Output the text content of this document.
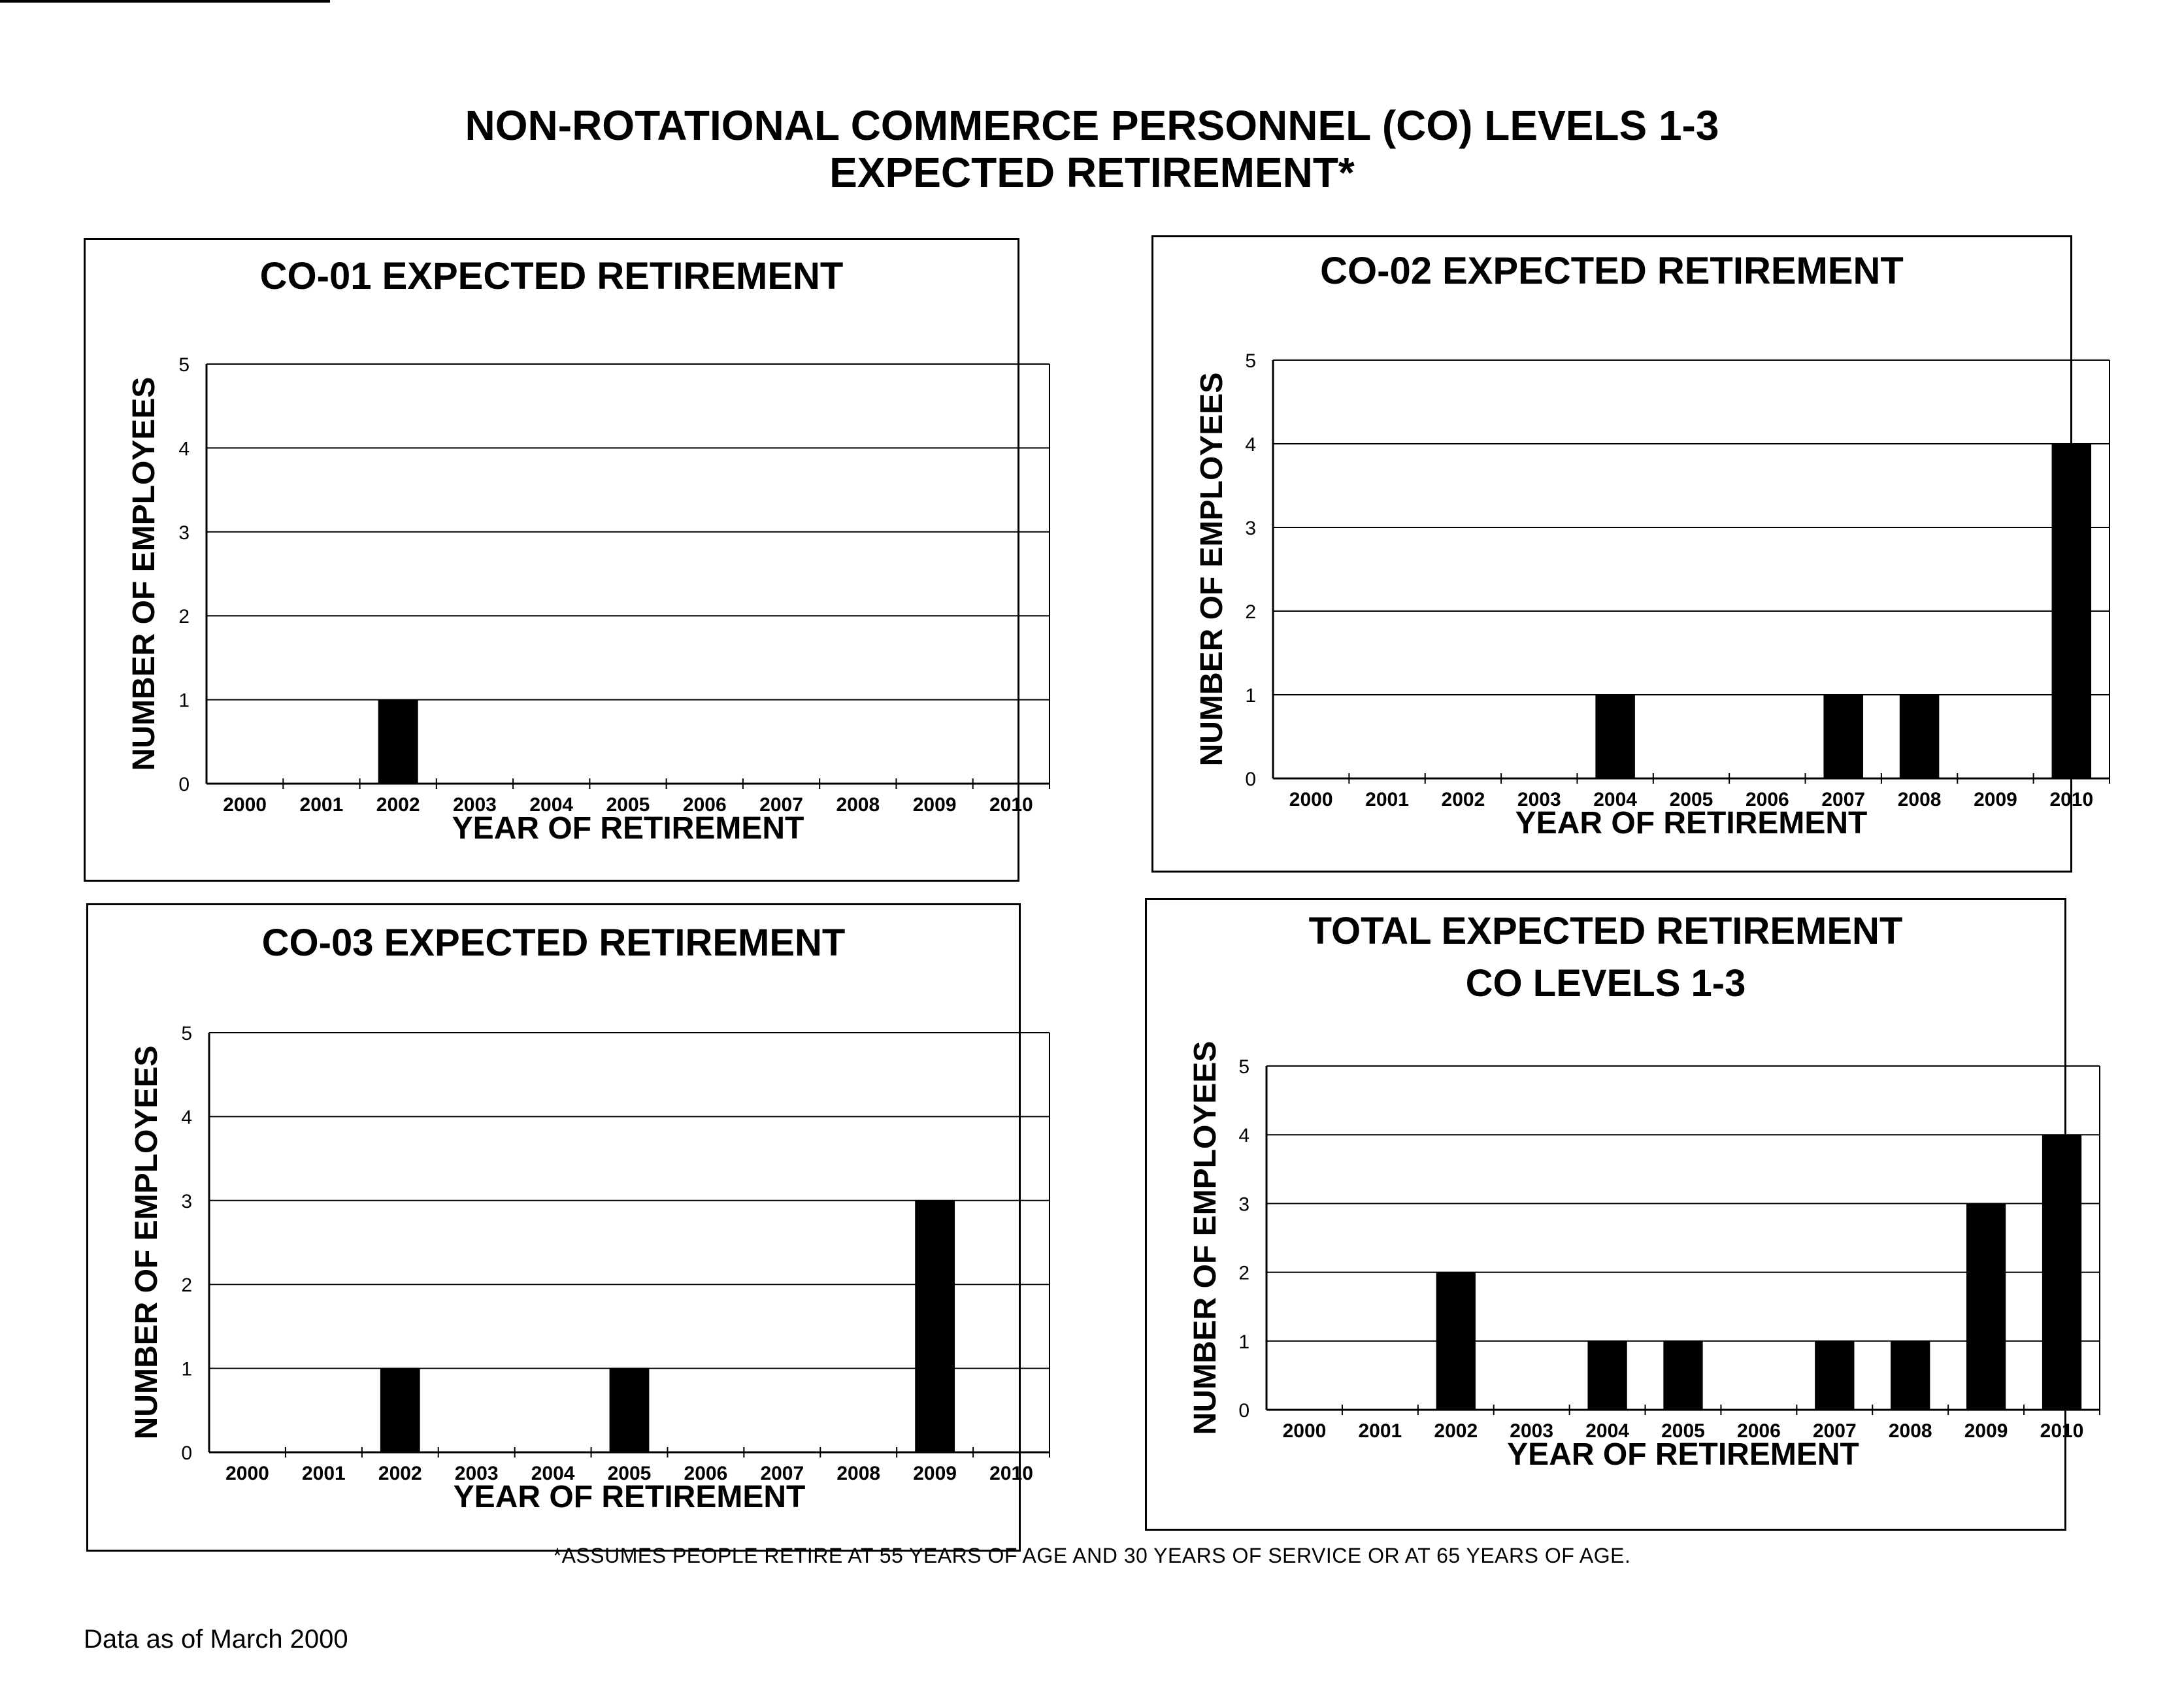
NON-ROTATIONAL COMMERCE PERSONNEL (CO) LEVELS 1-3
EXPECTED RETIREMENT*
CO-01 EXPECTED RETIREMENT
0
1
2
3
4
5
2000 2001 2002 2003 2004 2005 2006 2007 2008 2009 2010
YEAR OF RETIREMENT
NUMBER OF EMPLOYEES
CO-02 EXPECTED RETIREMENT
0
1
2
3
4
5
2000 2001 2002 2003 2004 2005 2006 2007 2008 2009 2010
YEAR OF RETIREMENT
NUMBER OF EMPLOYEES
CO-03 EXPECTED RETIREMENT
0
1
2
3
4
5
2000 2001 2002 2003 2004 2005 2006 2007 2008 2009 2010
YEAR OF RETIREMENT
NUMBER OF EMPLOYEES
TOTAL EXPECTED RETIREMENT
CO LEVELS 1-3
0
1
2
3
4
5
2000 2001 2002 2003 2004 2005 2006 2007 2008 2009 2010
YEAR OF RETIREMENT
NUMBER OF EMPLOYEES
*ASSUMES PEOPLE RETIRE AT 55 YEARS OF AGE AND 30 YEARS OF SERVICE OR AT 65 YEARS OF AGE.
Data as of March 2000
